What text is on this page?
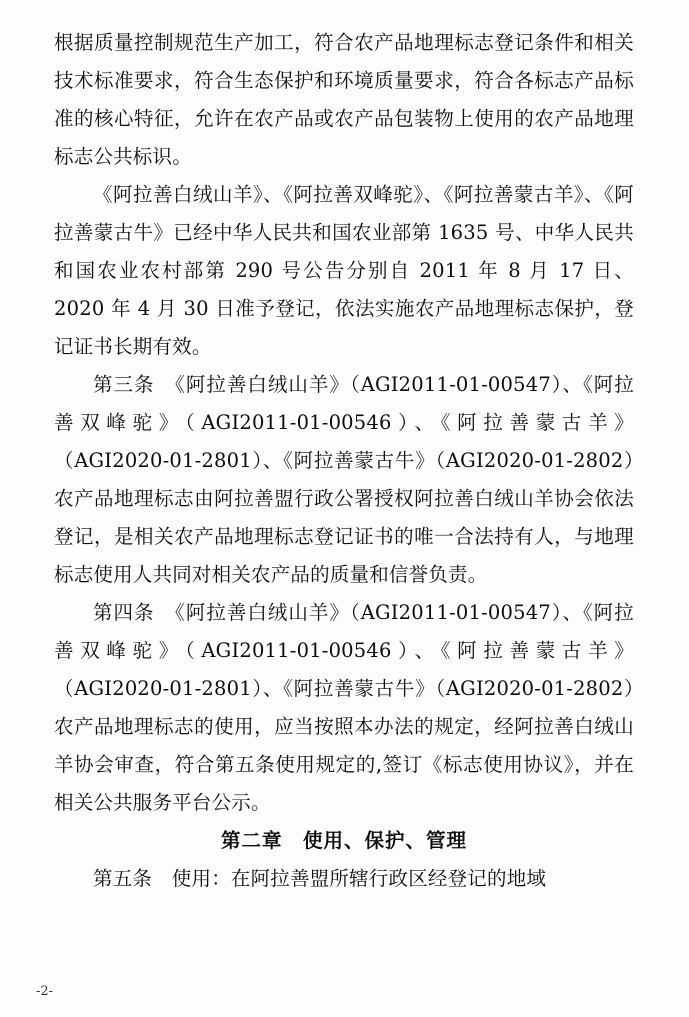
根据质量控制规范生产加工，符合农产品地理标志登记条件和相关技术标准要求，符合生态保护和环境质量要求，符合各标志产品标准的核心特征，允许在农产品或农产品包装物上使用的农产品地理标志公共标识。

《阿拉善白绒山羊》、《阿拉善双峰驼》、《阿拉善蒙古羊》、《阿拉善蒙古牛》已经中华人民共和国农业部第 1635 号、中华人民共和国农业农村部第 290 号公告分别自 2011 年 8 月 17 日、2020 年 4 月 30 日准予登记，依法实施农产品地理标志保护，登记证书长期有效。

第三条　《阿拉善白绒山羊》（AGI2011-01-00547）、《阿拉善双峰驼》（AGI2011-01-00546）、《阿拉善蒙古羊》（AGI2020-01-2801）、《阿拉善蒙古牛》（AGI2020-01-2802）农产品地理标志由阿拉善盟行政公署授权阿拉善白绒山羊协会依法登记，是相关农产品地理标志登记证书的唯一合法持有人，与地理标志使用人共同对相关农产品的质量和信誉负责。

第四条　《阿拉善白绒山羊》（AGI2011-01-00547）、《阿拉善双峰驼》（AGI2011-01-00546）、《阿拉善蒙古羊》（AGI2020-01-2801）、《阿拉善蒙古牛》（AGI2020-01-2802）农产品地理标志的使用，应当按照本办法的规定，经阿拉善白绒山羊协会审查，符合第五条使用规定的,签订《标志使用协议》，并在相关公共服务平台公示。

第二章　使用、保护、管理

第五条　使用：在阿拉善盟所辖行政区经登记的地域

-2-
